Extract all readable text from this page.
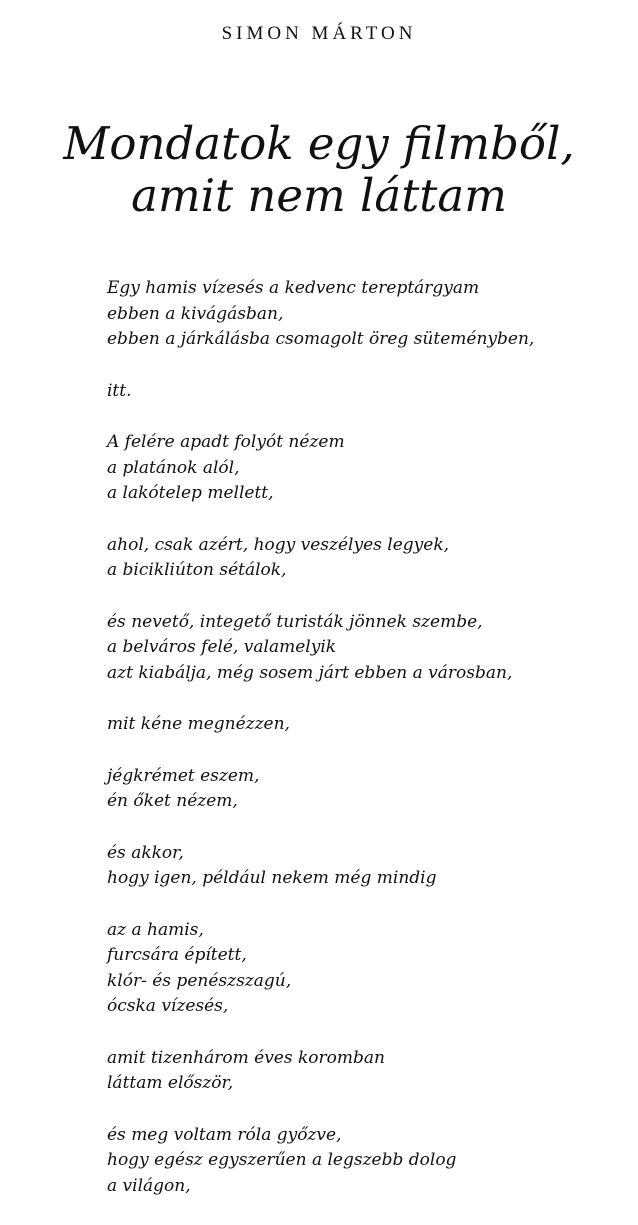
SIMON MÁRTON
Mondatok egy filmből,
amit nem láttam
Egy hamis vízesés a kedvenc tereptárgyam
ebben a kivágásban,
ebben a járkálásba csomagolt öreg süteményben,
itt.
A felére apadt folyót nézem
a platánok alól,
a lakótelep mellett,
ahol, csak azért, hogy veszélyes legyek,
a bicikliúton sétálok,
és nevető, integető turisták jönnek szembe,
a belváros felé, valamelyik
azt kiabálja, még sosem járt ebben a városban,
mit kéne megnézzen,
jégkrémet eszem,
én őket nézem,
és akkor,
hogy igen, például nekem még mindig
az a hamis,
furcsára épített,
klór- és penészszagú,
ócska vízesés,
amit tizenhárom éves koromban
láttam először,
és meg voltam róla győzve,
hogy egész egyszerűen a legszebb dolog
a világon,
